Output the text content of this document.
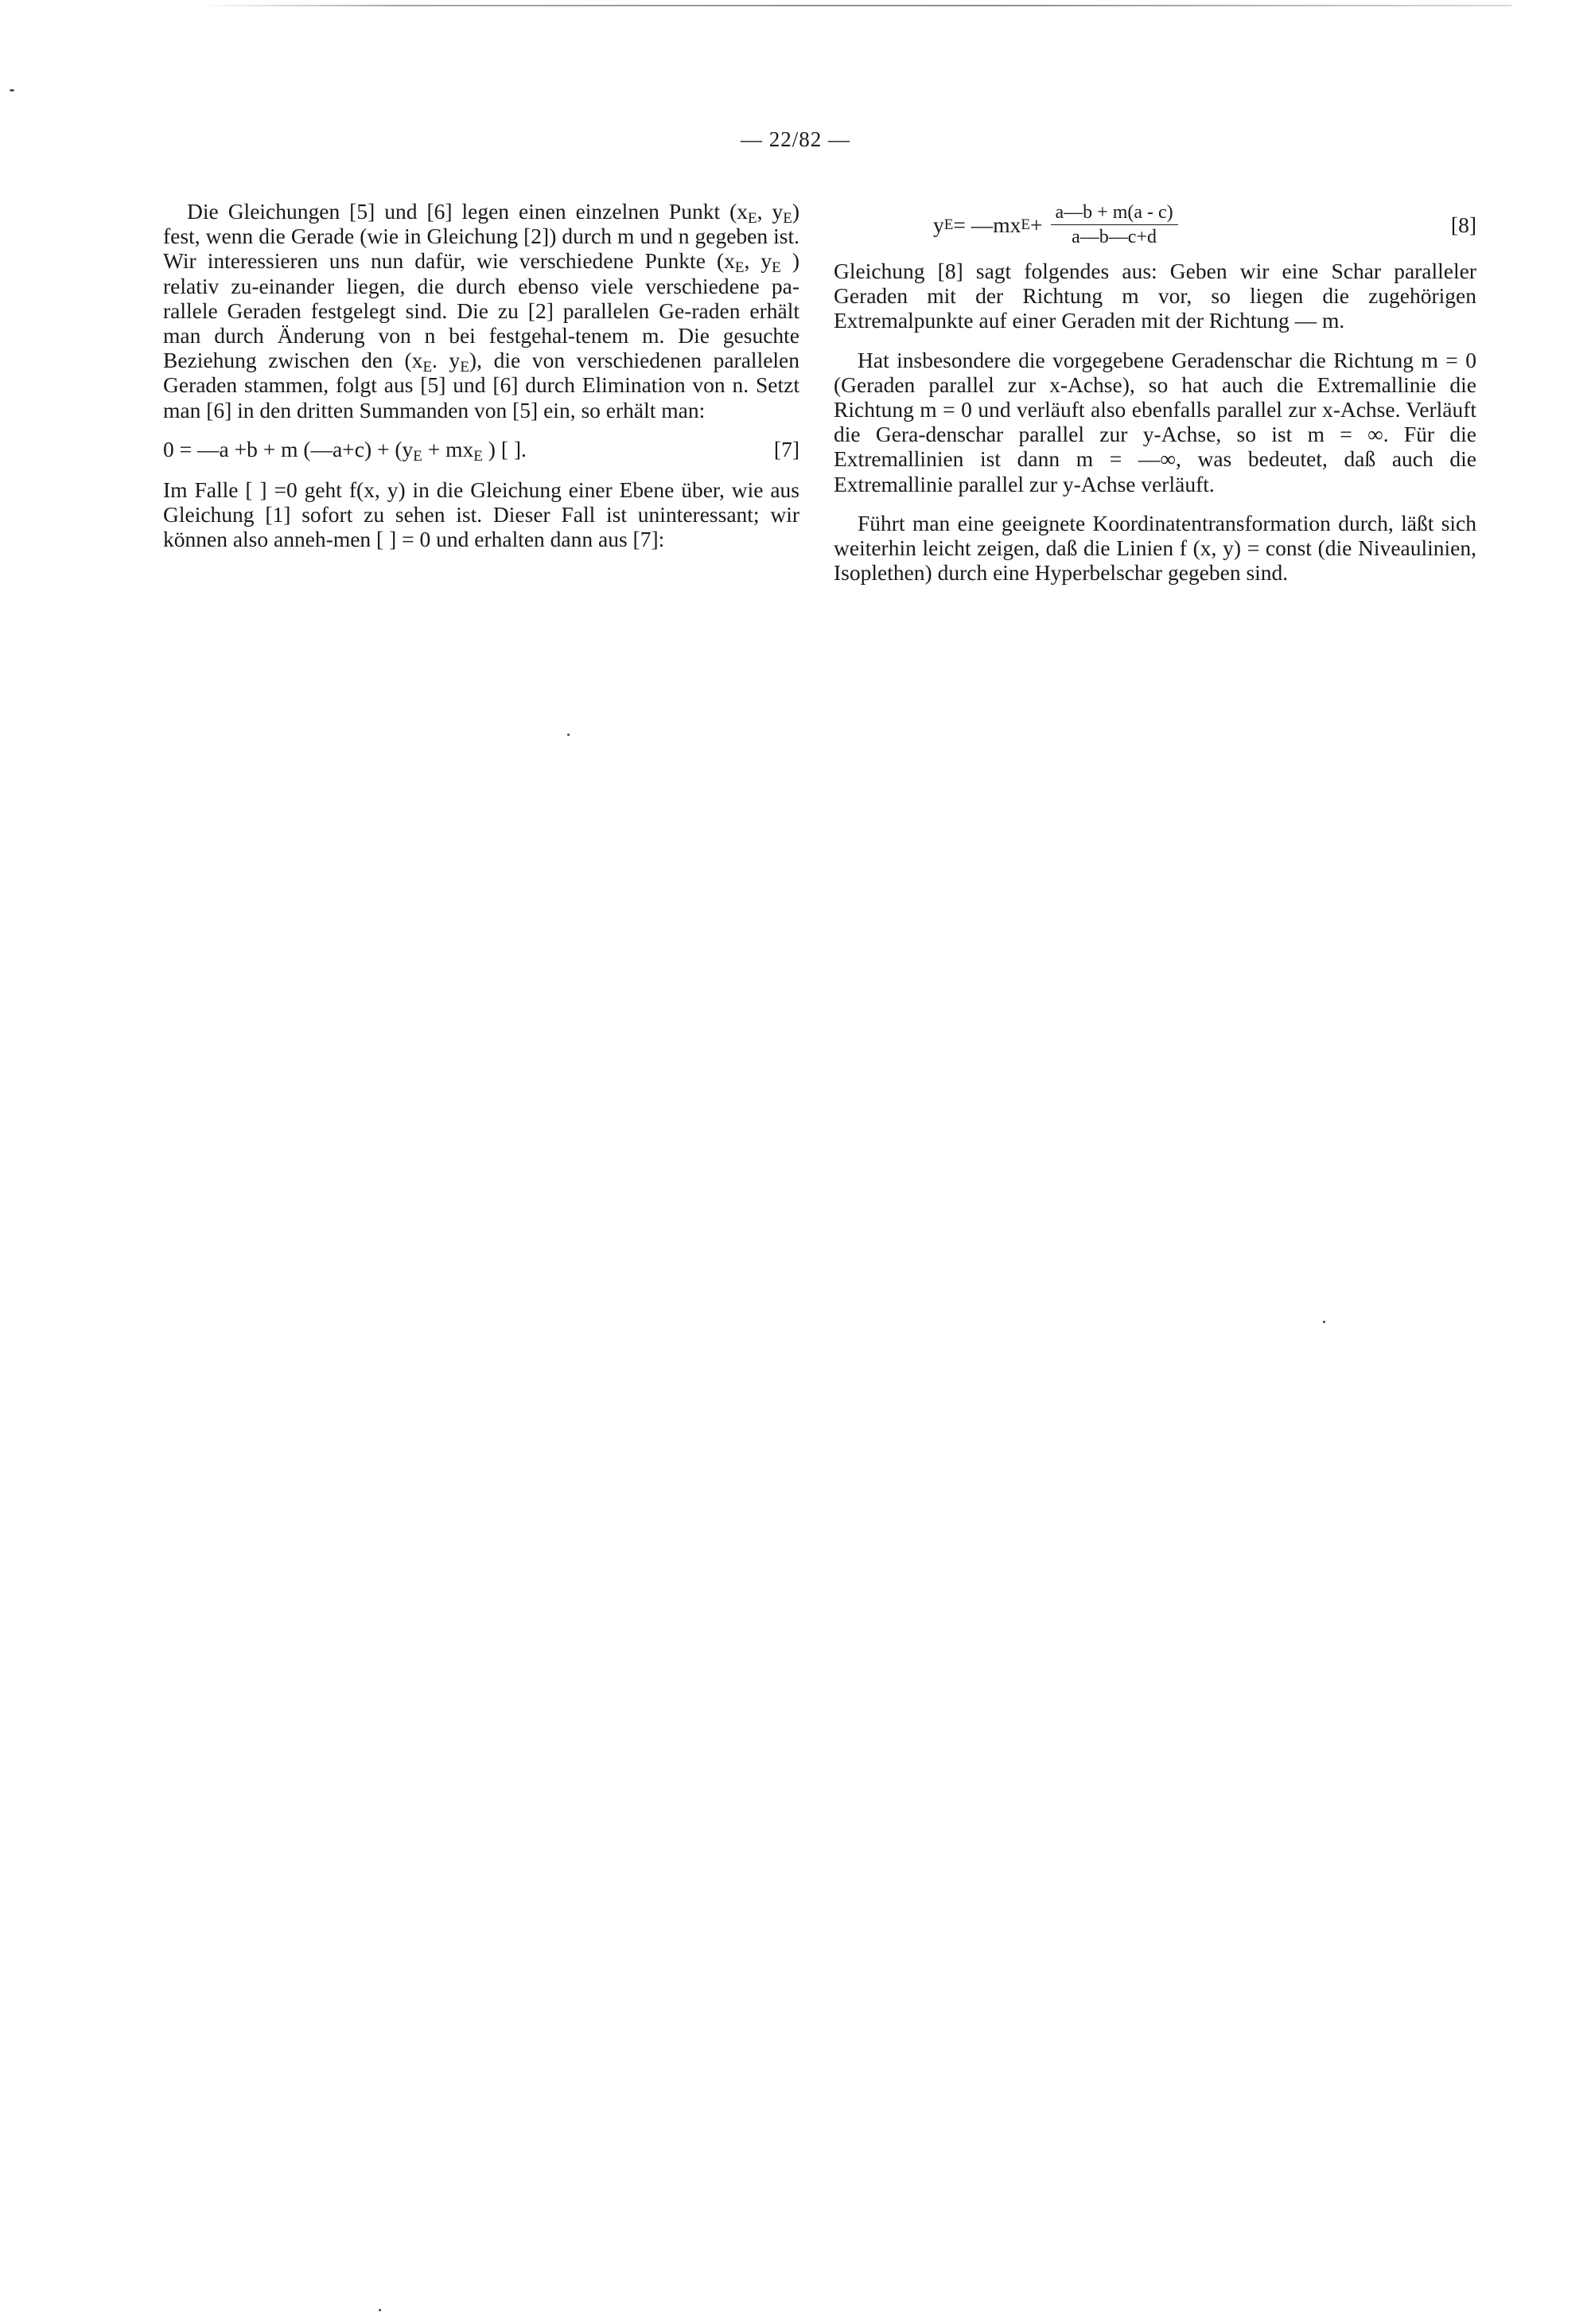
— 22/82 —

Die Gleichungen [5] und [6] legen einen einzelnen Punkt ($x_E$, $y_E$) fest, wenn die Gerade (wie in Gleichung [2]) durch m und n gegeben ist. Wir interessieren uns nun dafür, wie verschiedene Punkte ($x_E$, $y_E$ ) relativ zu-einander liegen, die durch ebenso viele verschiedene pa-rallele Geraden festgelegt sind. Die zu [2] parallelen Ge-raden erhält man durch Änderung von n bei festgehal-tenem m. Die gesuchte Beziehung zwischen den ($x_E$. $y_E$), die von verschiedenen parallelen Geraden stammen, folgt aus [5] und [6] durch Elimination von n. Setzt man [6] in den dritten Summanden von [5] ein, so erhält man:

0 = —a +b + m (—a+c) + ($y_E + mx_E$ ) [ ].	[7]

Im Falle [ ] =0 geht f(x, y) in die Gleichung einer Ebene über, wie aus Gleichung [1] sofort zu sehen ist. Dieser Fall ist uninteressant; wir können also anneh-men [ ] = 0 und erhalten dann aus [7]:

y E = —mx $E + \frac{a—b + m(a - c)}{a—b—c+d}$	[8]

Gleichung [8] sagt folgendes aus: Geben wir eine Schar paralleler Geraden mit der Richtung m vor, so liegen die zugehörigen Extremalpunkte auf einer Geraden mit der Richtung — m.

Hat insbesondere die vorgegebene Geradenschar die Richtung m = 0 (Geraden parallel zur x-Achse), so hat auch die Extremallinie die Richtung m = 0 und verläuft also ebenfalls parallel zur x-Achse. Verläuft die Gera-denschar parallel zur y-Achse, so ist m = ∞. Für die Extremallinien ist dann m = —∞, was bedeutet, daß auch die Extremallinie parallel zur y-Achse verläuft.

Führt man eine geeignete Koordinatentransformation durch, läßt sich weiterhin leicht zeigen, daß die Linien f (x, y) = const (die Niveaulinien, Isoplethen) durch eine Hyperbelschar gegeben sind.
